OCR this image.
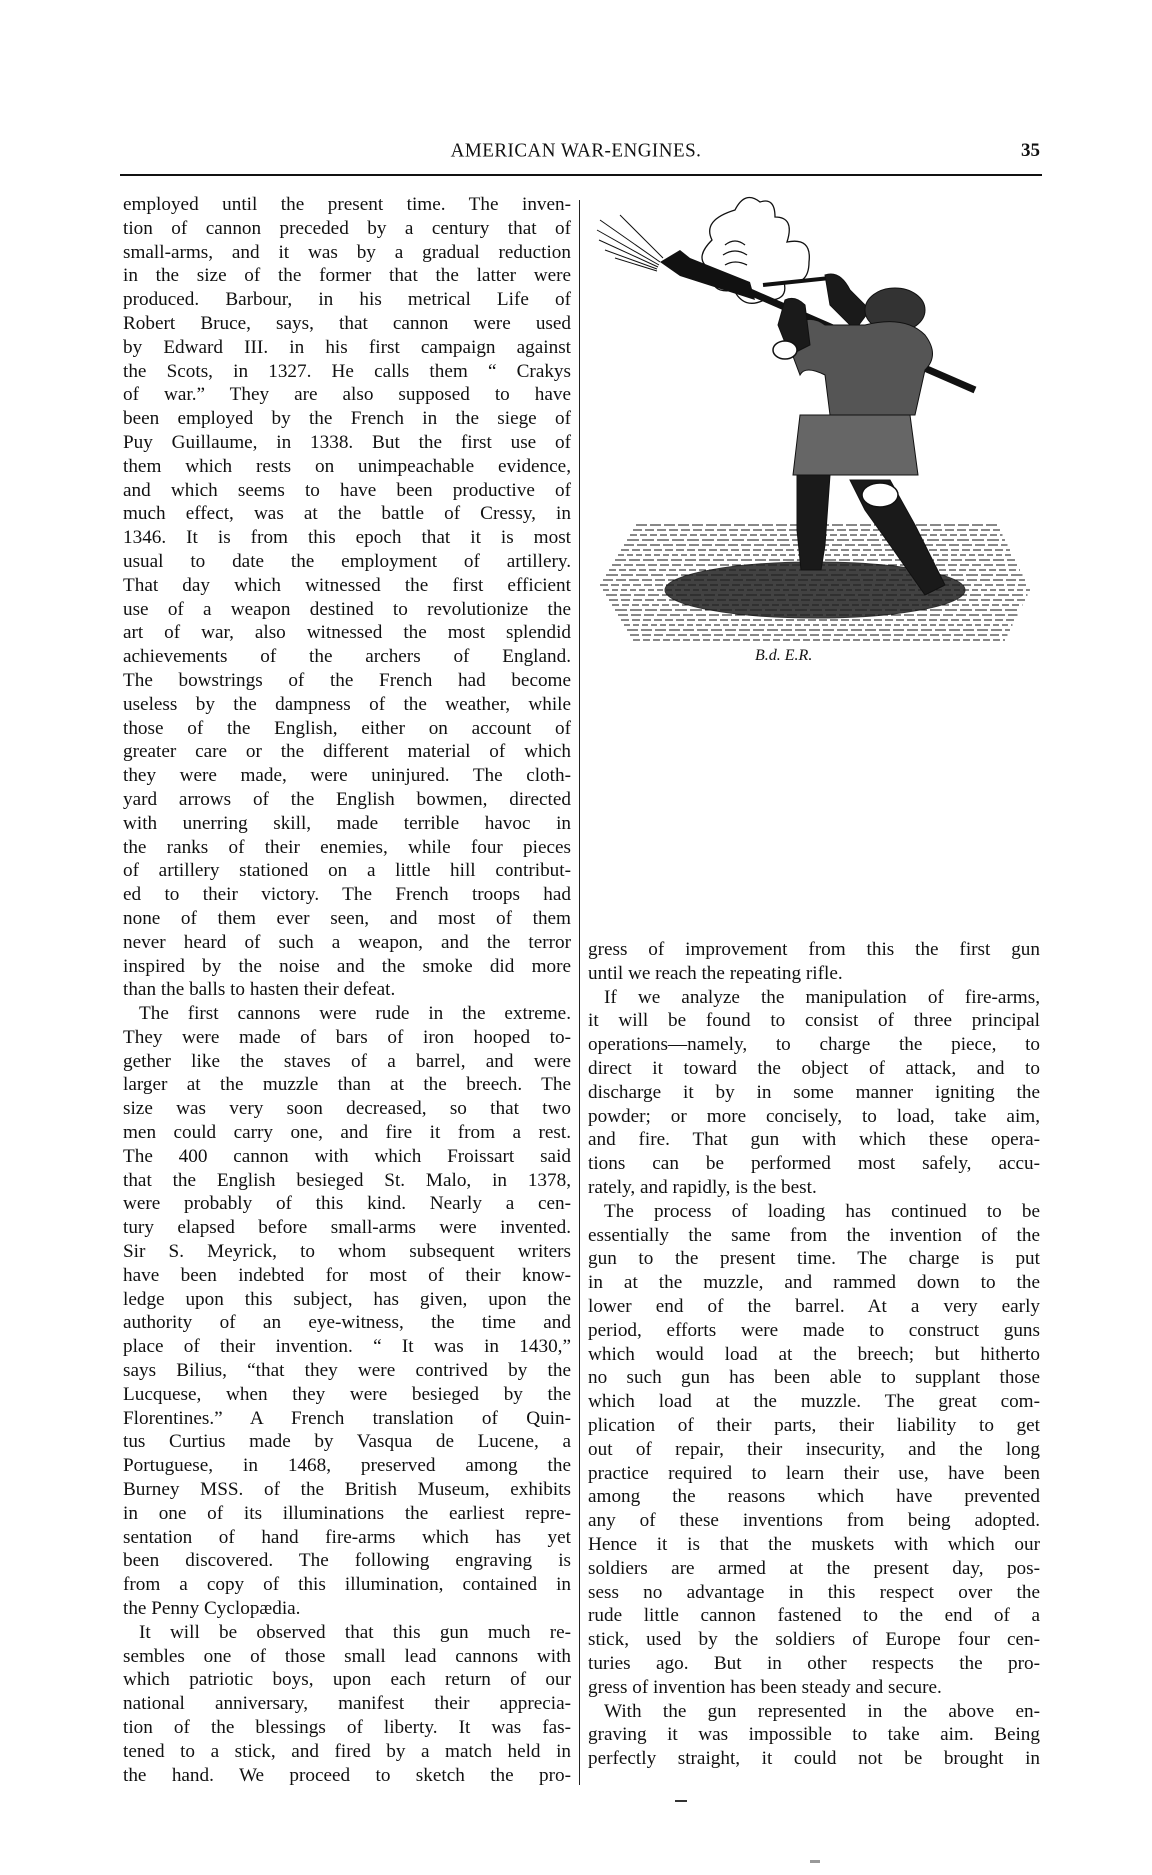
AMERICAN WAR-ENGINES.	35
employed until the present time. The inven-
tion of cannon preceded by a century that of
small-arms, and it was by a gradual reduction
in the size of the former that the latter were
produced. Barbour, in his metrical Life of
Robert Bruce, says, that cannon were used
by Edward III. in his first campaign against
the Scots, in 1327. He calls them “ Crakys
of war.” They are also supposed to have
been employed by the French in the siege of
Puy Guillaume, in 1338. But the first use of
them which rests on unimpeachable evidence,
and which seems to have been productive of
much effect, was at the battle of Cressy, in
1346. It is from this epoch that it is most
usual to date the employment of artillery.
That day which witnessed the first efficient
use of a weapon destined to revolutionize the
art of war, also witnessed the most splendid
achievements of the archers of England.
The bowstrings of the French had become
useless by the dampness of the weather, while
those of the English, either on account of
greater care or the different material of which
they were made, were uninjured. The cloth-
yard arrows of the English bowmen, directed
with unerring skill, made terrible havoc in
the ranks of their enemies, while four pieces
of artillery stationed on a little hill contribut-
ed to their victory. The French troops had
none of them ever seen, and most of them
never heard of such a weapon, and the terror
inspired by the noise and the smoke did more
than the balls to hasten their defeat.
The first cannons were rude in the extreme.
They were made of bars of iron hooped to-
gether like the staves of a barrel, and were
larger at the muzzle than at the breech. The
size was very soon decreased, so that two
men could carry one, and fire it from a rest.
The 400 cannon with which Froissart said
that the English besieged St. Malo, in 1378,
were probably of this kind. Nearly a cen-
tury elapsed before small-arms were invented.
Sir S. Meyrick, to whom subsequent writers
have been indebted for most of their know-
ledge upon this subject, has given, upon the
authority of an eye-witness, the time and
place of their invention. “ It was in 1430,”
says Bilius, “that they were contrived by the
Lucquese, when they were besieged by the
Florentines.” A French translation of Quin-
tus Curtius made by Vasqua de Lucene, a
Portuguese, in 1468, preserved among the
Burney MSS. of the British Museum, exhibits
in one of its illuminations the earliest repre-
sentation of hand fire-arms which has yet
been discovered. The following engraving is
from a copy of this illumination, contained in
the Penny Cyclopædia.
It will be observed that this gun much re-
sembles one of those small lead cannons with
which patriotic boys, upon each return of our
national anniversary, manifest their apprecia-
tion of the blessings of liberty. It was fas-
tened to a stick, and fired by a match held in
the hand. We proceed to sketch the pro-
B.d. E.R.
gress of improvement from this the first gun
until we reach the repeating rifle.
If we analyze the manipulation of fire-arms,
it will be found to consist of three principal
operations—namely, to charge the piece, to
direct it toward the object of attack, and to
discharge it by in some manner igniting the
powder; or more concisely, to load, take aim,
and fire. That gun with which these opera-
tions can be performed most safely, accu-
rately, and rapidly, is the best.
The process of loading has continued to be
essentially the same from the invention of the
gun to the present time. The charge is put
in at the muzzle, and rammed down to the
lower end of the barrel. At a very early
period, efforts were made to construct guns
which would load at the breech; but hitherto
no such gun has been able to supplant those
which load at the muzzle. The great com-
plication of their parts, their liability to get
out of repair, their insecurity, and the long
practice required to learn their use, have been
among the reasons which have prevented
any of these inventions from being adopted.
Hence it is that the muskets with which our
soldiers are armed at the present day, pos-
sess no advantage in this respect over the
rude little cannon fastened to the end of a
stick, used by the soldiers of Europe four cen-
turies ago. But in other respects the pro-
gress of invention has been steady and secure.
With the gun represented in the above en-
graving it was impossible to take aim. Being
perfectly straight, it could not be brought in
